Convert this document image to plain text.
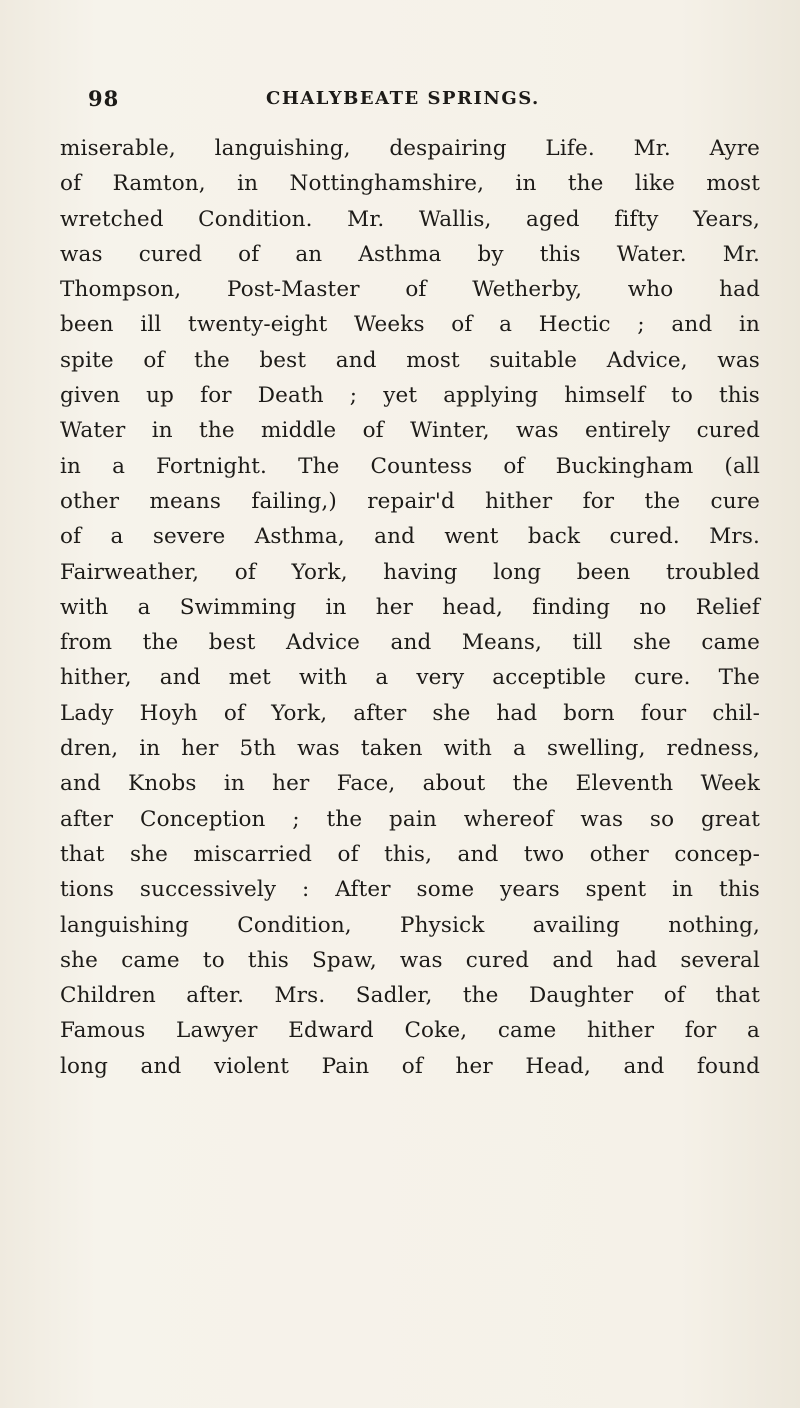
98	CHALYBEATE SPRINGS.
miserable, languishing, despairing Life. Mr. Ayre
of Ramton, in Nottinghamshire, in the like most
wretched Condition. Mr. Wallis, aged fifty Years,
was cured of an Asthma by this Water. Mr.
Thompson, Post-Master of Wetherby, who had
been ill twenty-eight Weeks of a Hectic ; and in
spite of the best and most suitable Advice, was
given up for Death ; yet applying himself to this
Water in the middle of Winter, was entirely cured
in a Fortnight. The Countess of Buckingham (all
other means failing,) repair'd hither for the cure
of a severe Asthma, and went back cured. Mrs.
Fairweather, of York, having long been troubled
with a Swimming in her head, finding no Relief
from the best Advice and Means, till she came
hither, and met with a very acceptible cure. The
Lady Hoyh of York, after she had born four chil-
dren, in her 5th was taken with a swelling, redness,
and Knobs in her Face, about the Eleventh Week
after Conception ; the pain whereof was so great
that she miscarried of this, and two other concep-
tions successively : After some years spent in this
languishing Condition, Physick availing nothing,
she came to this Spaw, was cured and had several
Children after. Mrs. Sadler, the Daughter of that
Famous Lawyer Edward Coke, came hither for a
long and violent Pain of her Head, and found
